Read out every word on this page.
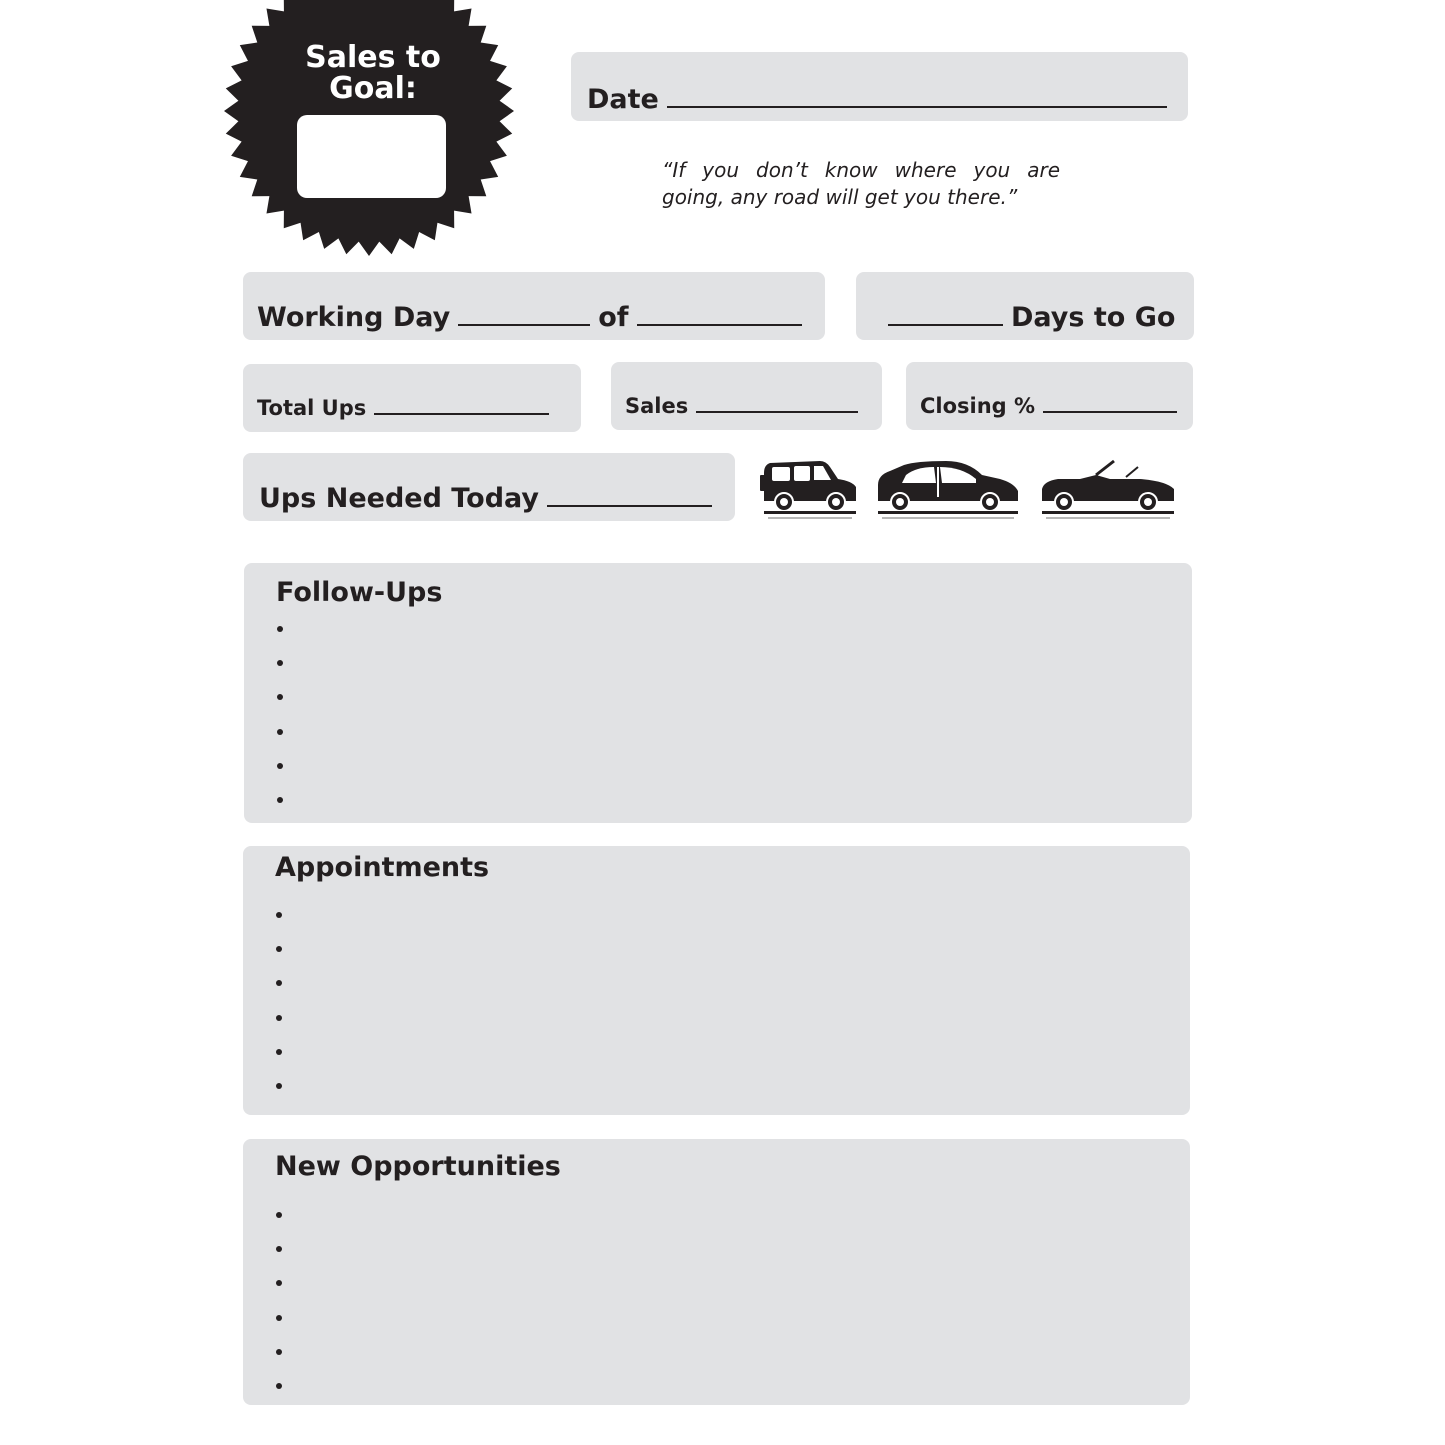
Sales to
Goal:	Date
“If you don’t know where you are going, any road will get you there.”
Working Day	of	Days to Go
Total Ups	Sales	Closing %
Ups Needed Today
Follow-Ups
Appointments
New Opportunities
